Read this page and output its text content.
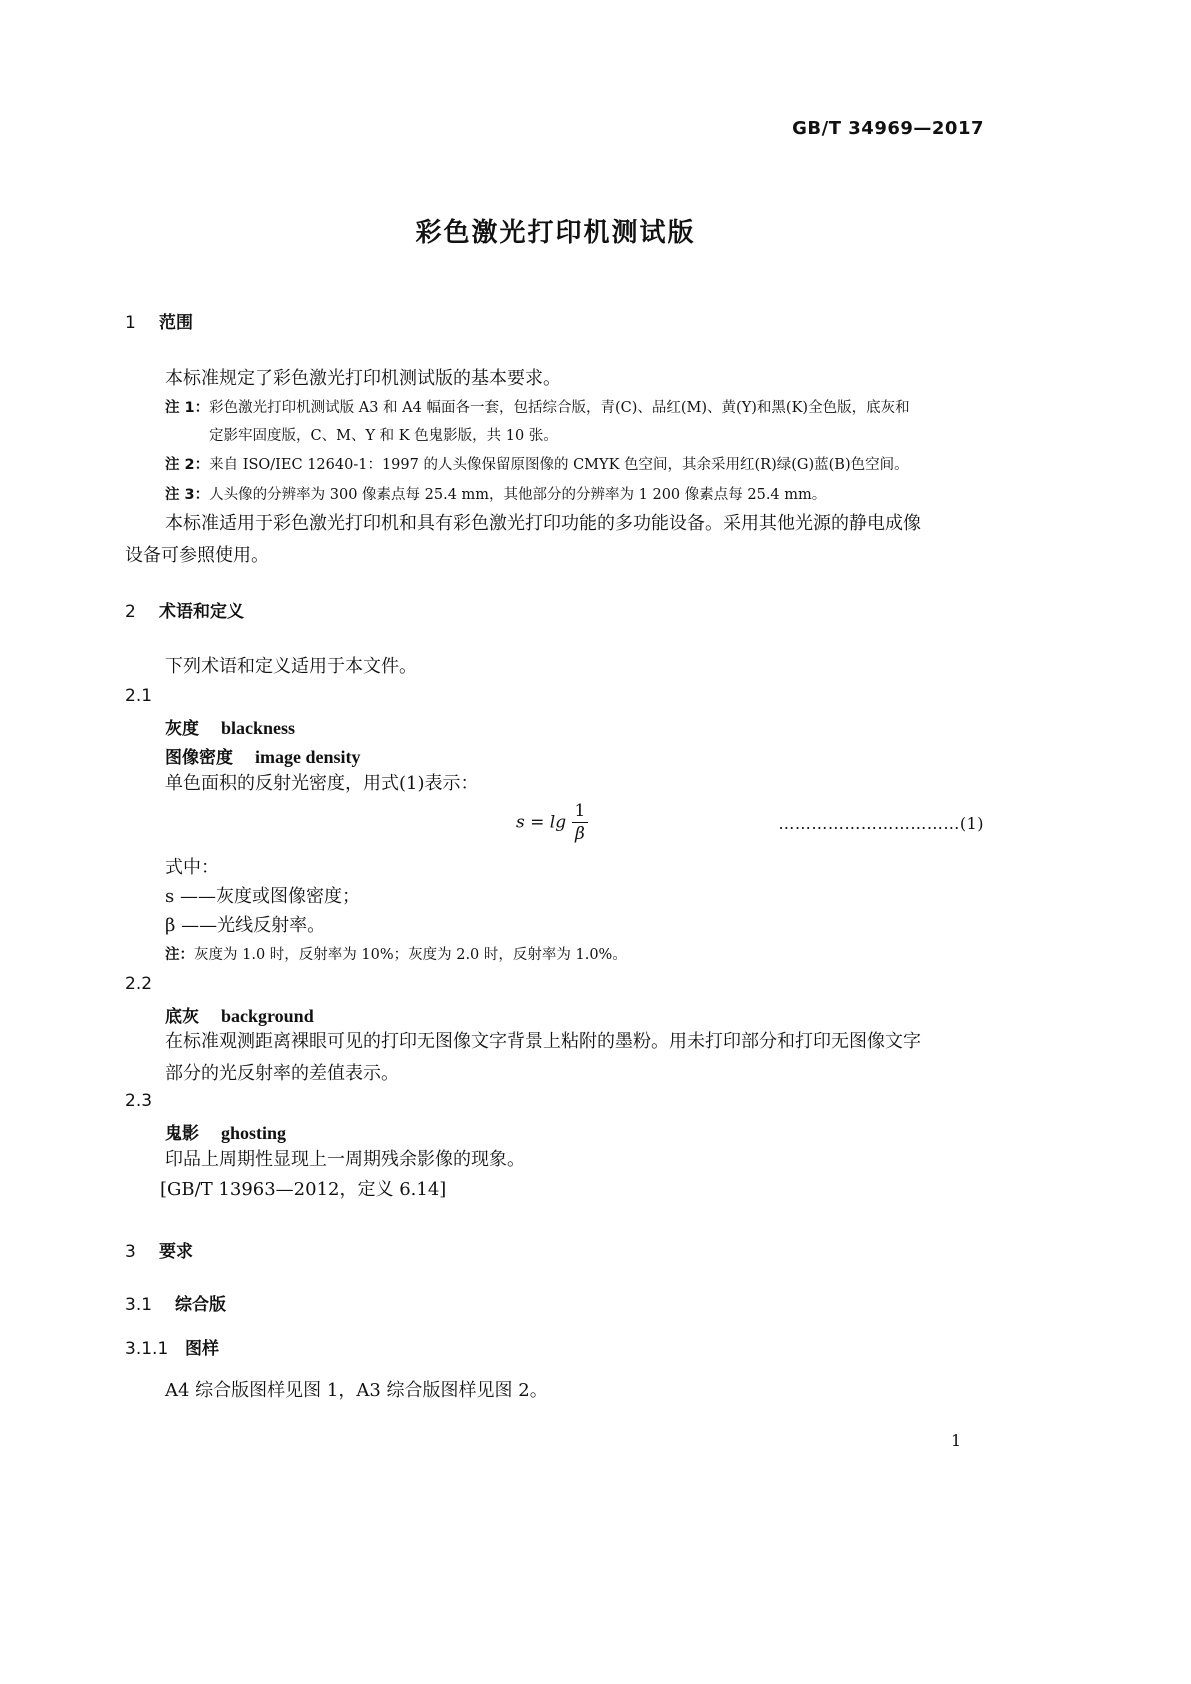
GB/T 34969—2017
彩色激光打印机测试版
1 范围
本标准规定了彩色激光打印机测试版的基本要求。
注 1：彩色激光打印机测试版 A3 和 A4 幅面各一套，包括综合版，青(C)、品红(M)、黄(Y)和黑(K)全色版，底灰和
定影牢固度版，C、M、Y 和 K 色鬼影版，共 10 张。
注 2：来自 ISO/IEC 12640-1：1997 的人头像保留原图像的 CMYK 色空间，其余采用红(R)绿(G)蓝(B)色空间。
注 3：人头像的分辨率为 300 像素点每 25.4 mm，其他部分的分辨率为 1 200 像素点每 25.4 mm。
本标准适用于彩色激光打印机和具有彩色激光打印功能的多功能设备。采用其他光源的静电成像
设备可参照使用。
2 术语和定义
下列术语和定义适用于本文件。
2.1
灰度 blackness
图像密度 image density
单色面积的反射光密度，用式(1)表示：
$s = \lg \frac{1}{\beta}$	……………………………(1)
式中：
s ——灰度或图像密度；
β ——光线反射率。
注：灰度为 1.0 时，反射率为 10%；灰度为 2.0 时，反射率为 1.0%。
2.2
底灰 background
在标准观测距离裸眼可见的打印无图像文字背景上粘附的墨粉。用未打印部分和打印无图像文字
部分的光反射率的差值表示。
2.3
鬼影 ghosting
印品上周期性显现上一周期残余影像的现象。
[GB/T 13963—2012，定义 6.14]
3 要求
3.1 综合版
3.1.1 图样
A4 综合版图样见图 1，A3 综合版图样见图 2。
1
